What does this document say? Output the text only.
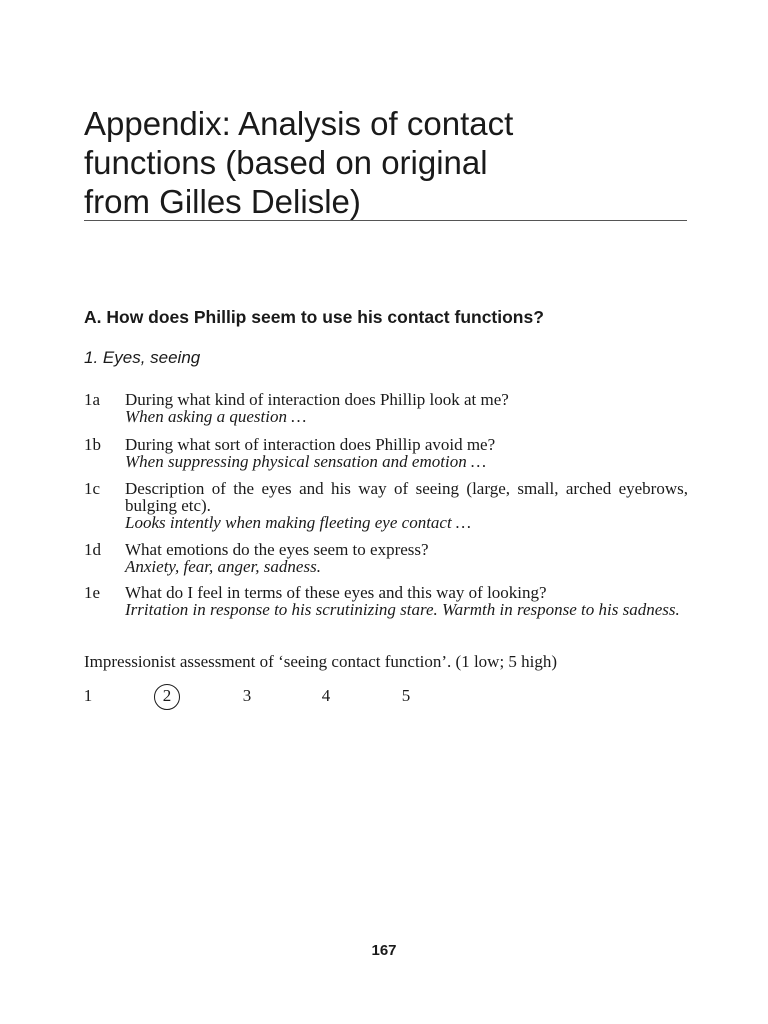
Appendix: Analysis of contact
functions (based on original
from Gilles Delisle)
A. How does Phillip seem to use his contact functions?
1. Eyes, seeing
1a During what kind of interaction does Phillip look at me?
When asking a question …
1b During what sort of interaction does Phillip avoid me?
When suppressing physical sensation and emotion …
1c Description of the eyes and his way of seeing (large, small, arched eyebrows, bulging etc).
Looks intently when making fleeting eye contact …
1d What emotions do the eyes seem to express?
Anxiety, fear, anger, sadness.
1e What do I feel in terms of these eyes and this way of looking?
Irritation in response to his scrutinizing stare. Warmth in response to his sadness.
Impressionist assessment of ‘seeing contact function’. (1 low; 5 high)
1	2	3	4	5
167
